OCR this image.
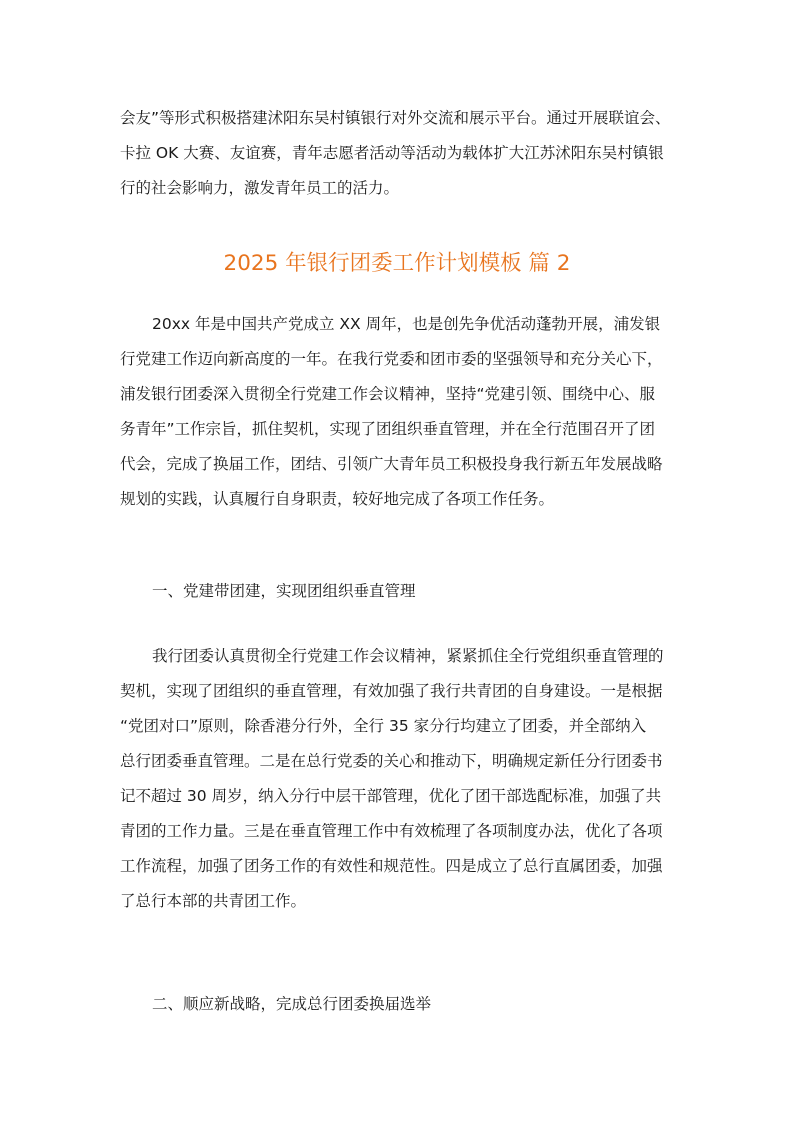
会友”等形式积极搭建沭阳东吴村镇银行对外交流和展示平台。通过开展联谊会、
卡拉 OK 大赛、友谊赛，青年志愿者活动等活动为载体扩大江苏沭阳东吴村镇银
行的社会影响力，激发青年员工的活力。
2025 年银行团委工作计划模板 篇 2
20xx 年是中国共产党成立 XX 周年，也是创先争优活动蓬勃开展，浦发银
行党建工作迈向新高度的一年。在我行党委和团市委的坚强领导和充分关心下，
浦发银行团委深入贯彻全行党建工作会议精神，坚持“党建引领、围绕中心、服
务青年”工作宗旨，抓住契机，实现了团组织垂直管理，并在全行范围召开了团
代会，完成了换届工作，团结、引领广大青年员工积极投身我行新五年发展战略
规划的实践，认真履行自身职责，较好地完成了各项工作任务。

一、党建带团建，实现团组织垂直管理

我行团委认真贯彻全行党建工作会议精神，紧紧抓住全行党组织垂直管理的
契机，实现了团组织的垂直管理，有效加强了我行共青团的自身建设。一是根据
“党团对口”原则，除香港分行外，全行 35 家分行均建立了团委，并全部纳入
总行团委垂直管理。二是在总行党委的关心和推动下，明确规定新任分行团委书
记不超过 30 周岁，纳入分行中层干部管理，优化了团干部选配标准，加强了共
青团的工作力量。三是在垂直管理工作中有效梳理了各项制度办法，优化了各项
工作流程，加强了团务工作的有效性和规范性。四是成立了总行直属团委，加强
了总行本部的共青团工作。

二、顺应新战略，完成总行团委换届选举
